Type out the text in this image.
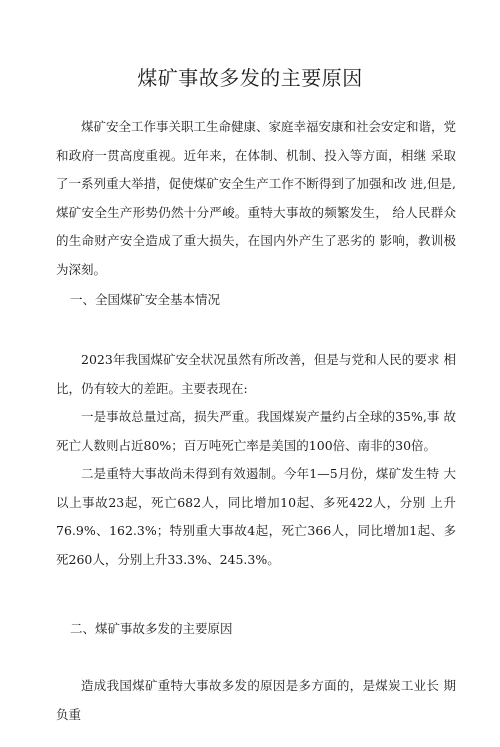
煤矿事故多发的主要原因

煤矿安全工作事关职工生命健康、家庭幸福安康和社会安定和谐，党和政府一贯高度重视。近年来，在体制、机制、投入等方面，相继 采取了一系列重大举措，促使煤矿安全生产工作不断得到了加强和改 进,但是,煤矿安全生产形势仍然十分严峻。重特大事故的频繁发生， 给人民群众的生命财产安全造成了重大损失，在国内外产生了恶劣的 影响，教训极为深刻。

一、全国煤矿安全基本情况

2023年我国煤矿安全状况虽然有所改善，但是与党和人民的要求 相比，仍有较大的差距。主要表现在:

一是事故总量过高，损失严重。我国煤炭产量约占全球的35%,事 故死亡人数则占近80%；百万吨死亡率是美国的100倍、南非的30倍。

二是重特大事故尚未得到有效遏制。今年1—5月份，煤矿发生特 大以上事故23起，死亡682人，同比增加10起、多死422人，分别 上升76.9%、162.3%；特别重大事故4起，死亡366人，同比增加1起、多死260人，分别上升33.3%、245.3%。

二、煤矿事故多发的主要原因

造成我国煤矿重特大事故多发的原因是多方面的，是煤炭工业长 期负重
